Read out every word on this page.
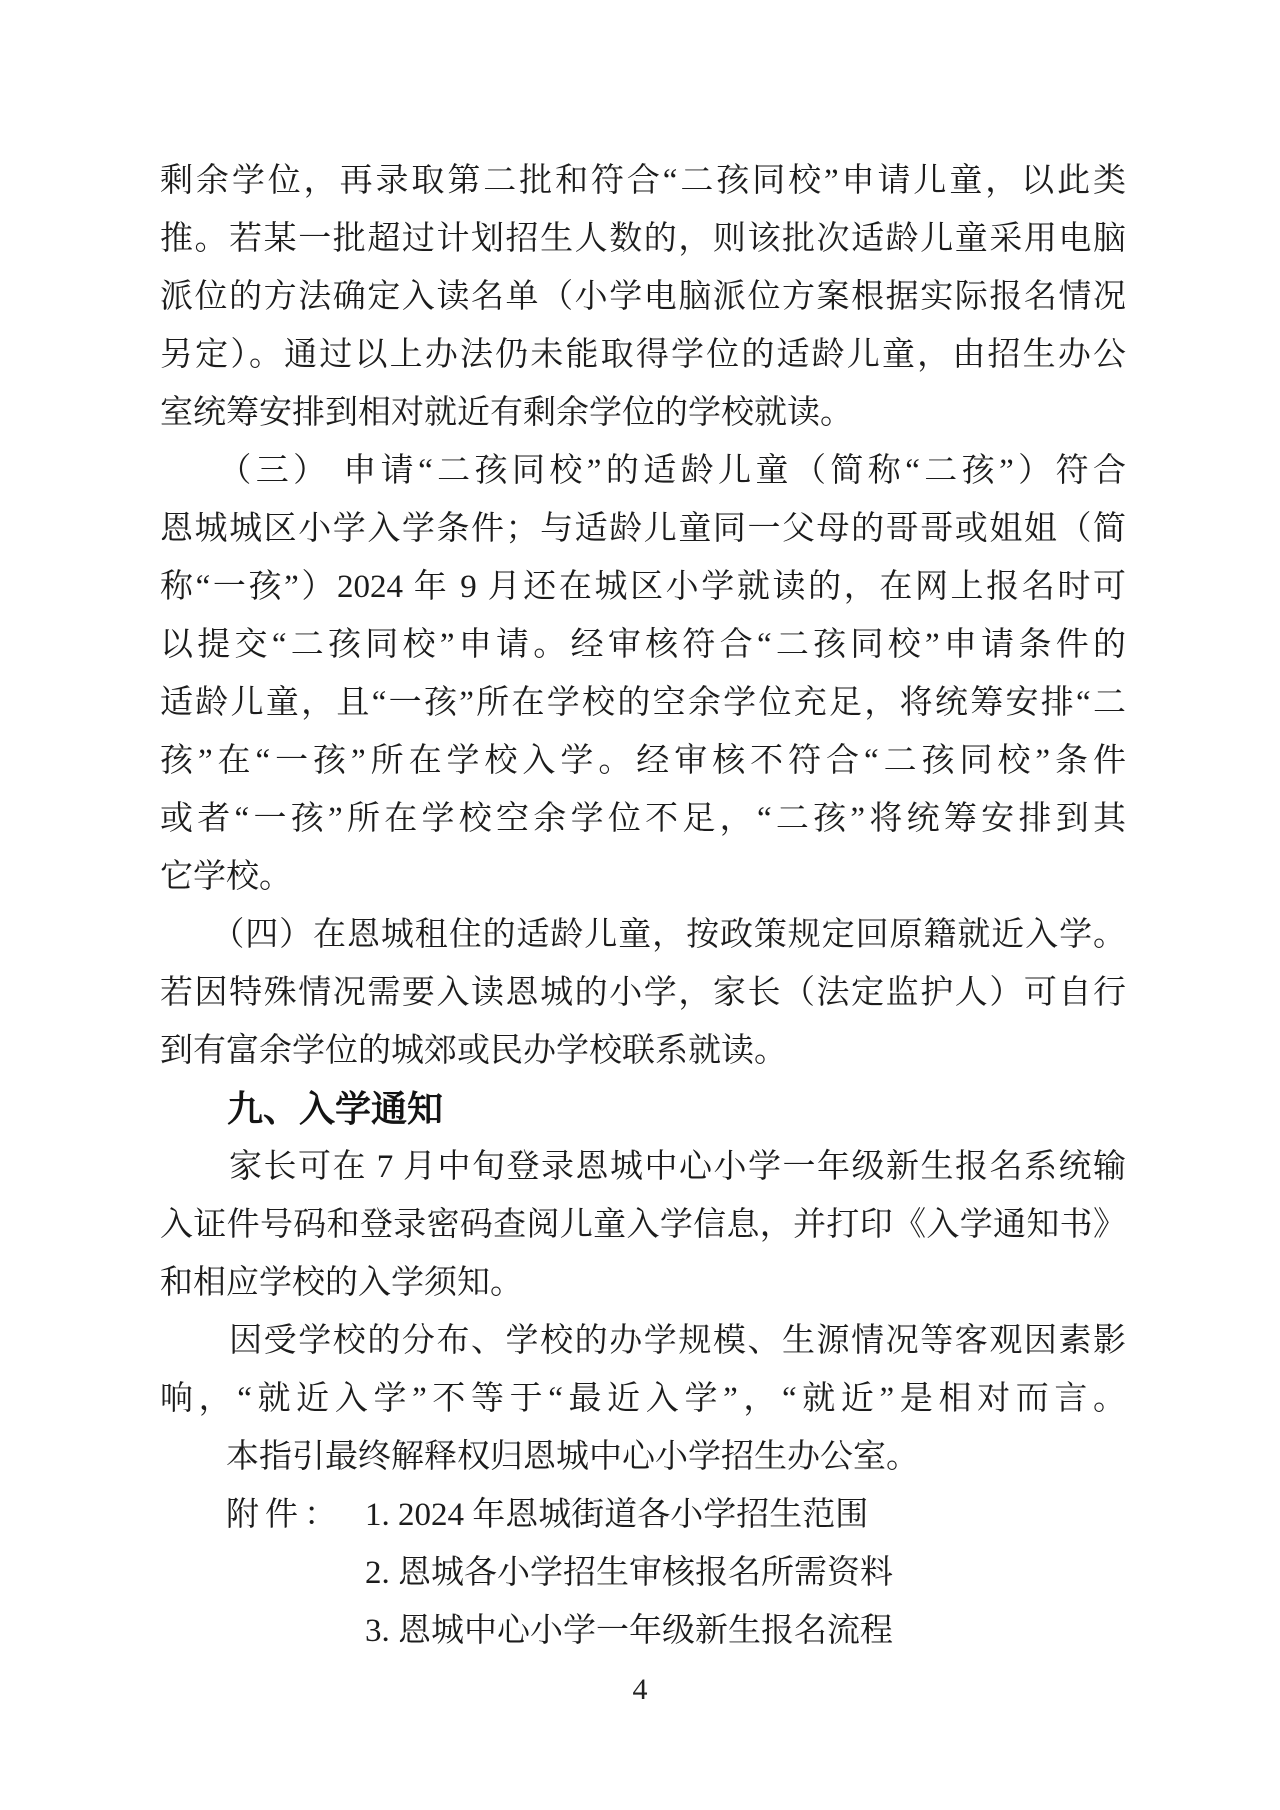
剩余学位，再录取第二批和符合“二孩同校”申请儿童，以此类
推。若某一批超过计划招生人数的，则该批次适龄儿童采用电脑
派位的方法确定入读名单（小学电脑派位方案根据实际报名情况
另定）。通过以上办法仍未能取得学位的适龄儿童，由招生办公
室统筹安排到相对就近有剩余学位的学校就读。
　　（三） 申请“二孩同校”的适龄儿童（简称“二孩”）符合
恩城城区小学入学条件；与适龄儿童同一父母的哥哥或姐姐（简
称“一孩”）2024 年 9 月还在城区小学就读的，在网上报名时可
以提交“二孩同校”申请。经审核符合“二孩同校”申请条件的
适龄儿童，且“一孩”所在学校的空余学位充足，将统筹安排“二
孩”在“一孩”所在学校入学。经审核不符合“二孩同校”条件
或者“一孩”所在学校空余学位不足，“二孩”将统筹安排到其
它学校。
　　（四）在恩城租住的适龄儿童，按政策规定回原籍就近入学。
若因特殊情况需要入读恩城的小学，家长（法定监护人）可自行
到有富余学位的城郊或民办学校联系就读。
九、入学通知
　　家长可在 7 月中旬登录恩城中心小学一年级新生报名系统输
入证件号码和登录密码查阅儿童入学信息，并打印《入学通知书》
和相应学校的入学须知。
　　因受学校的分布、学校的办学规模、生源情况等客观因素影
响，“就近入学”不等于“最近入学”，“就近”是相对而言。
　　本指引最终解释权归恩城中心小学招生办公室。
附件： 1. 2024 年恩城街道各小学招生范围
2. 恩城各小学招生审核报名所需资料
3. 恩城中心小学一年级新生报名流程
4
